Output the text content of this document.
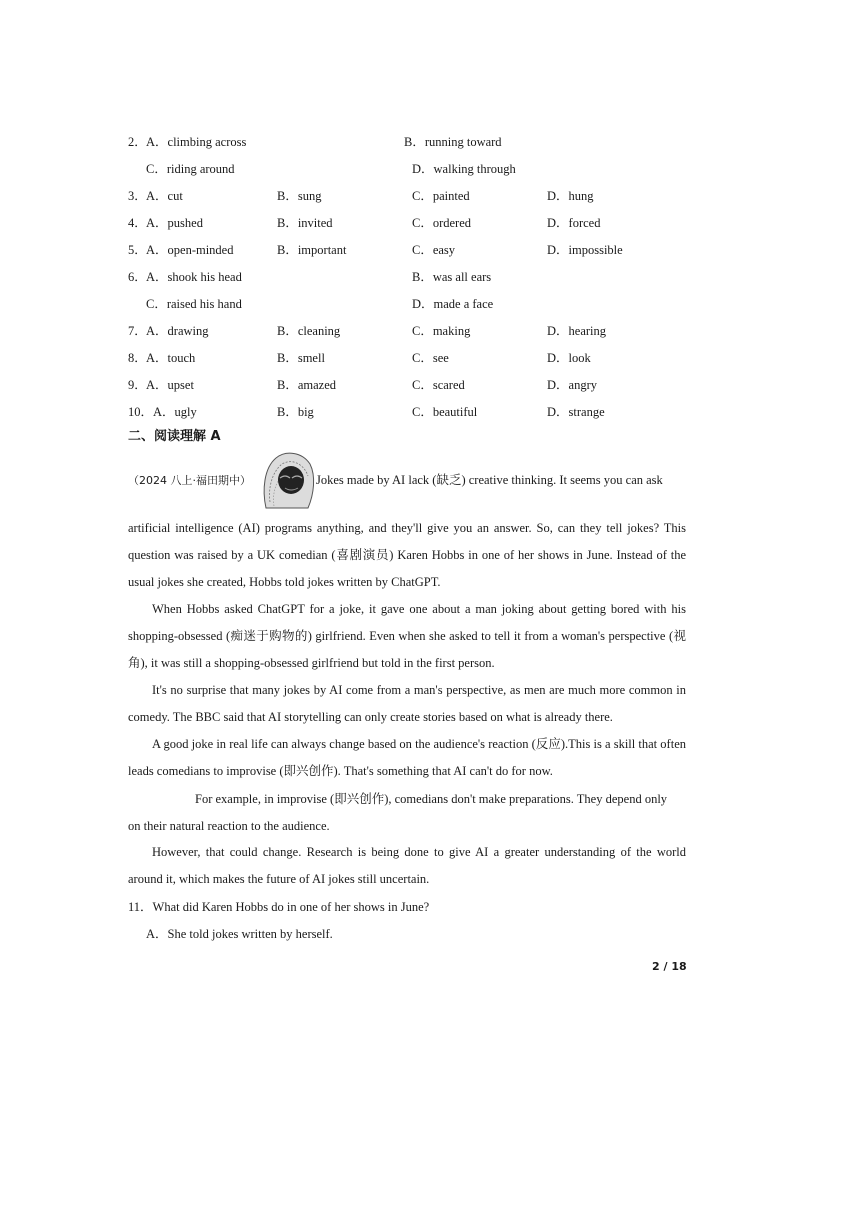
2． A．climbing across	B．running toward
C．riding around	D．walking through
3． A．cut	B．sung	C．painted	D．hung
4． A．pushed	B．invited	C．ordered	D．forced
5． A．open-minded	B．important	C．easy	D．impossible
6． A．shook his head	B．was all ears
C．raised his hand	D．made a face
7． A．drawing	B．cleaning	C．making	D．hearing
8． A．touch	B．smell	C．see	D．look
9． A．upset	B．amazed	C．scared	D．angry
10． A．ugly	B．big	C．beautiful	D．strange
二、阅读理解 A
（2024 八上·福田期中）	Jokes made by AI lack (缺乏) creative thinking. It seems you can ask
artificial intelligence (AI) programs anything, and they'll give you an answer. So, can they tell jokes? This question was raised by a UK comedian (喜剧演员) Karen Hobbs in one of her shows in June. Instead of the usual jokes she created, Hobbs told jokes written by ChatGPT.
When Hobbs asked ChatGPT for a joke, it gave one about a man joking about getting bored with his shopping-obsessed (痴迷于购物的) girlfriend. Even when she asked to tell it from a woman's perspective (视角), it was still a shopping-obsessed girlfriend but told in the first person.
It's no surprise that many jokes by AI come from a man's perspective, as men are much more common in comedy. The BBC said that AI storytelling can only create stories based on what is already there.
A good joke in real life can always change based on the audience's reaction (反应).This is a skill that often leads comedians to improvise (即兴创作). That's something that AI can't do for now.
For example, in improvise (即兴创作), comedians don't make preparations. They depend only
on their natural reaction to the audience.
However, that could change. Research is being done to give AI a greater understanding of the world around it, which makes the future of AI jokes still uncertain.
11．What did Karen Hobbs do in one of her shows in June?
A．She told jokes written by herself.
2 / 18
